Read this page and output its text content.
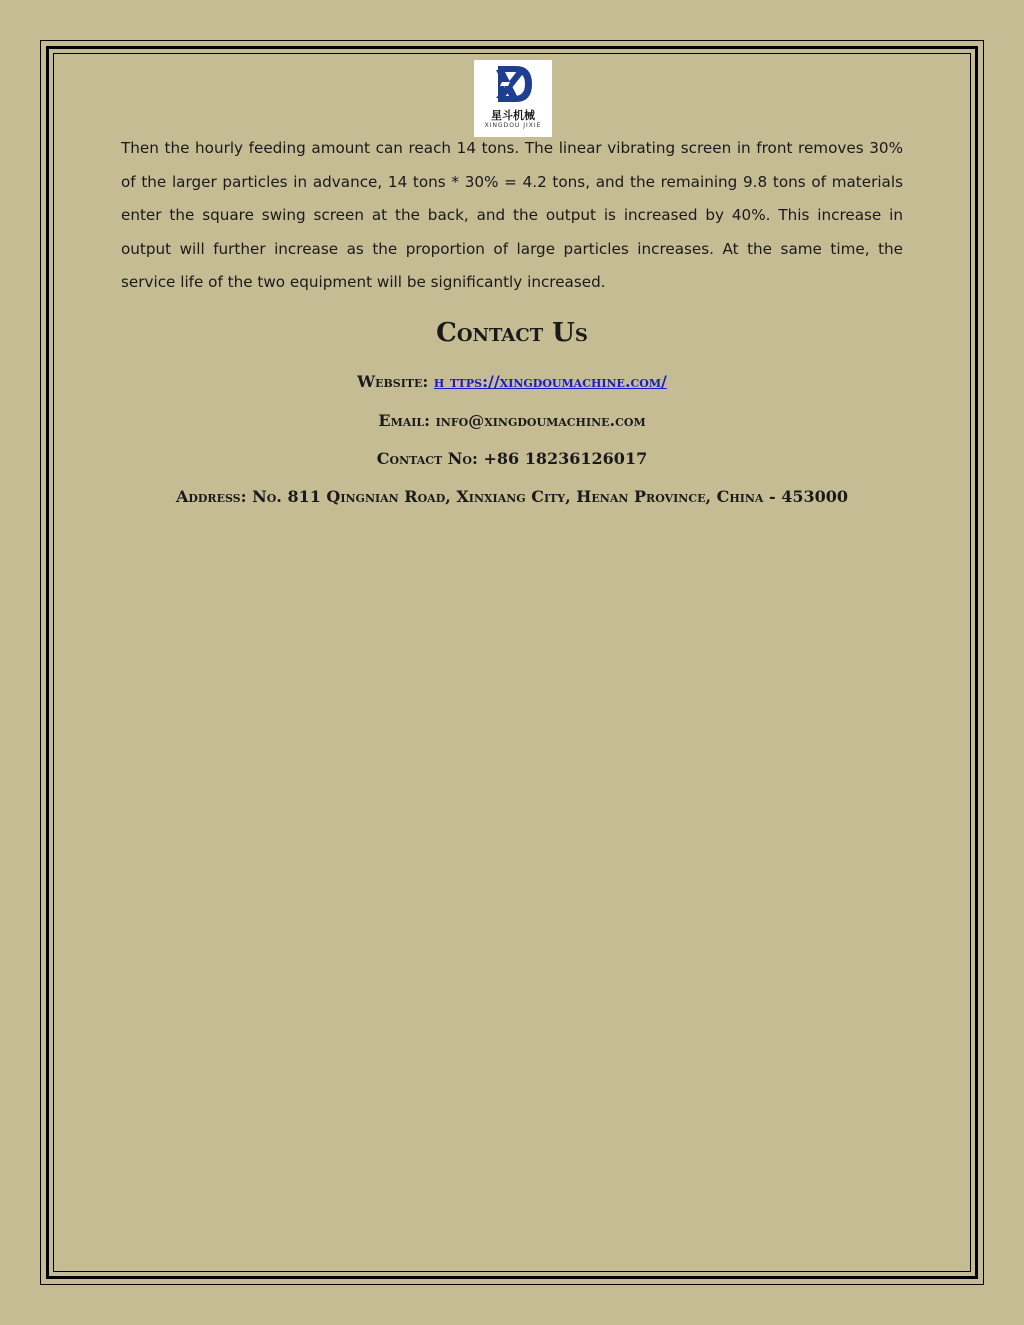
星斗机械
XINGDOU JIXIE
Then the hourly feeding amount can reach 14 tons. The linear vibrating screen in front removes 30% of the larger particles in advance, 14 tons * 30% = 4.2 tons, and the remaining 9.8 tons of materials enter the square swing screen at the back, and the output is increased by 40%. This increase in output will further increase as the proportion of large particles increases. At the same time, the service life of the two equipment will be significantly increased.
Contact Us
Website: h ttps://xingdoumachine.com/
Email: info@xingdoumachine.com
Contact No: +86 18236126017
Address: No. 811 Qingnian Road, Xinxiang City, Henan Province, China - 453000
